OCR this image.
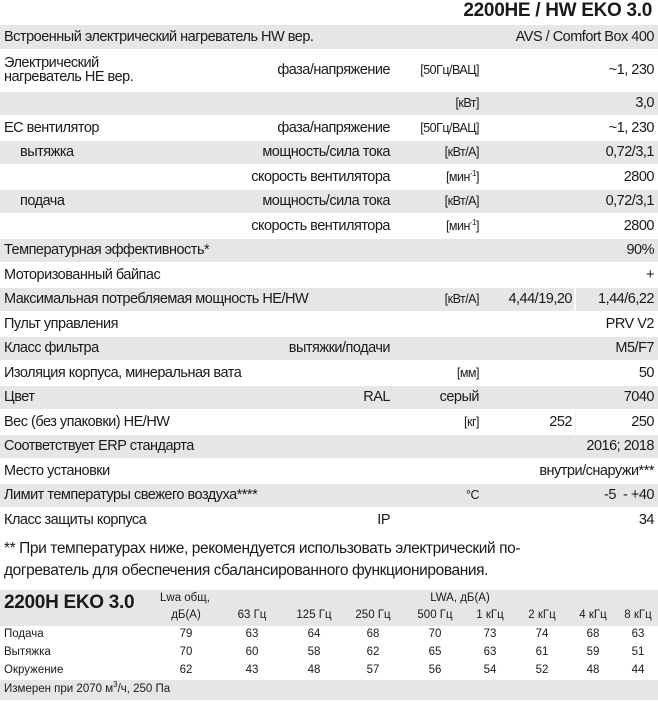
2200HE / HW EKO 3.0
Встроенный электрический нагреватель HW вер.	AVS / Comfort Box 400
Электрический
нагреватель HE вер.	фаза/напряжение [50Гц/ВАЦ]	~1, 230
[кВт]	3,0
EC вентилятор	фаза/напряжение [50Гц/ВАЦ]	~1, 230
вытяжка	мощность/сила тока	[кВт/А]	0,72/3,1
скорость вентилятора	[мин$^{-1}$]	2800
подача	мощность/сила тока	[кВт/А]	0,72/3,1
скорость вентилятора	[мин$^{-1}$]	2800
Температурная эффективность*	90%
Моторизованный байпас	+
Максимальная потребляемая мощность HE/HW	[кВт/А] 4,44/19,20 1,44/6,22
Пульт управления	PRV V2
Класс фильтра	вытяжки/подачи	M5/F7
Изоляция корпуса, минеральная вата	[мм]	50
Цвет	RAL	серый	7040
Вес (без упаковки) HE/HW	[кг]	252	250
Соответствует ERP стандарта	2016; 2018
Место установки	внутри/снаружи***
Лимит температуры свежего воздуха****	°C	-5  - +40
Класс защиты корпуса	IP	34
** При температурах ниже, рекомендуется использовать электрический по-
догреватель для обеспечения сбалансированного функционирования.
2200H EKO 3.0 Lwa общ,
дБ(A)
LWA, дБ(A)
63 Гц	125 Гц 250 Гц 500 Гц 1 кГц 2 кГц 4 кГц 8 кГц
Подача	79	63	64	68	70	73	74	68	63
Вытяжка	70	60	58	62	65	63	61	59	51
Окружение	62	43	48	57	56	54	52	48	44
Измерен при 2070 $м^3/ч$, 250 Па
